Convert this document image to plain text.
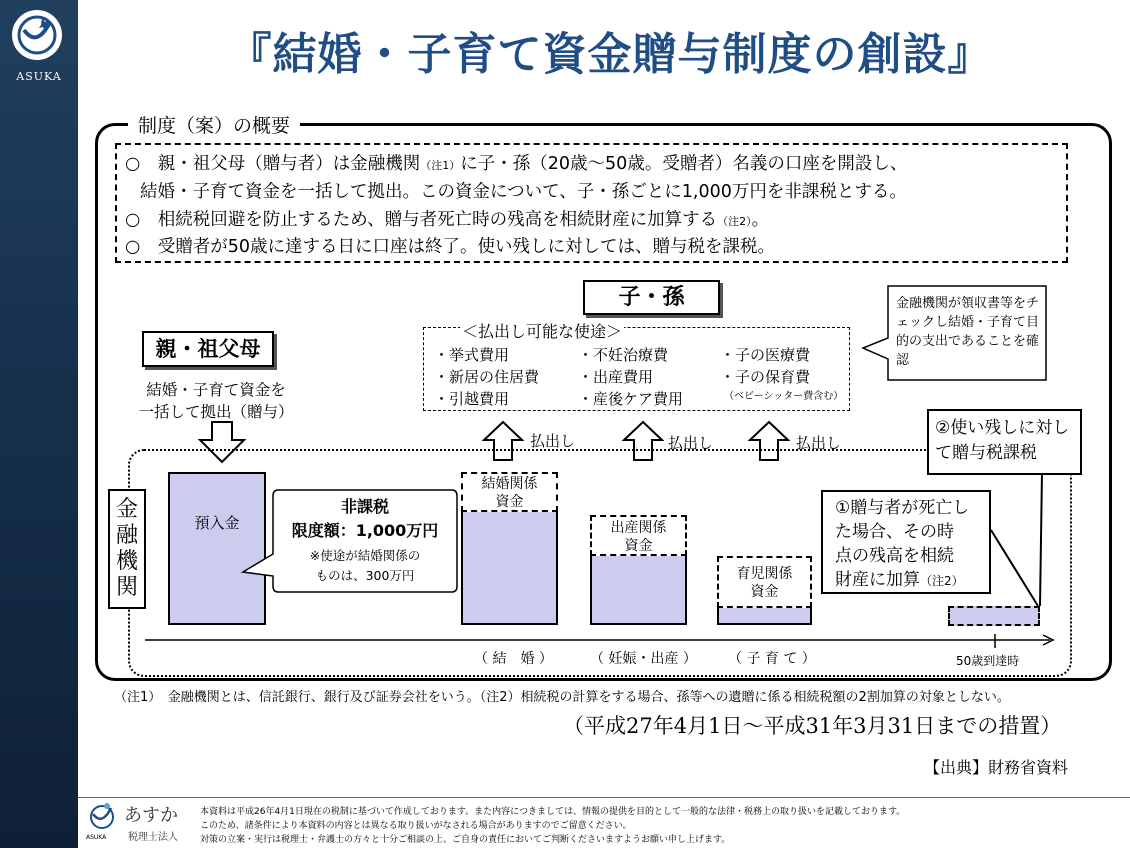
ASUKA	『結婚・子育て資金贈与制度の創設』
制度（案）の概要
○　親・祖父母（贈与者）は金融機関（注1）に子・孫（20歳～50歳。受贈者）名義の口座を開設し、
結婚・子育て資金を一括して拠出。この資金について、子・孫ごとに1,000万円を非課税とする。
○　相続税回避を防止するため、贈与者死亡時の残高を相続財産に加算する（注2）。
○　受贈者が50歳に達する日に口座は終了。使い残しに対しては、贈与税を課税。
子・孫	金融機関が領収書等をチェックし結婚・子育て目的の支出であることを確認
＜払出し可能な使途＞
・挙式費用
・新居の住居費
・引越費用
・不妊治療費
・出産費用
・産後ケア費用
・子の医療費
・子の保育費
（ベビーシッター費含む）
親・祖父母
結婚・子育て資金を
一括して拠出（贈与）
払出し	払出し	払出し
金
融
機
関
預入金
非課税
限度額：1,000万円
※使途が結婚関係の
ものは、300万円
結婚関係
資金
出産関係
資金
育児関係
資金
①贈与者が死亡し
た場合、その時
点の残高を相続
財産に加算（注2）
②使い残しに対し
て贈与税課税
（ 結　婚 ）	（ 妊娠・出産 ） （ 子 育 て ）	50歳到達時
（注1）　金融機関とは、信託銀行、銀行及び証券会社をいう。（注2）相続税の計算をする場合、孫等への遺贈に係る相続税額の2割加算の対象としない。
（平成27年4月1日～平成31年3月31日までの措置）
【出典】財務省資料
ASUKA
あすか
税理士法人
本資料は平成26年4月1日現在の税制に基づいて作成しております。また内容につきましては、情報の提供を目的として一般的な法律・税務上の取り扱いを記載しております。
このため、諸条件により本資料の内容とは異なる取り扱いがなされる場合がありますのでご留意ください。
対策の立案・実行は税理士・弁護士の方々と十分ご相談の上、ご自身の責任においてご判断くださいますようお願い申し上げます。
